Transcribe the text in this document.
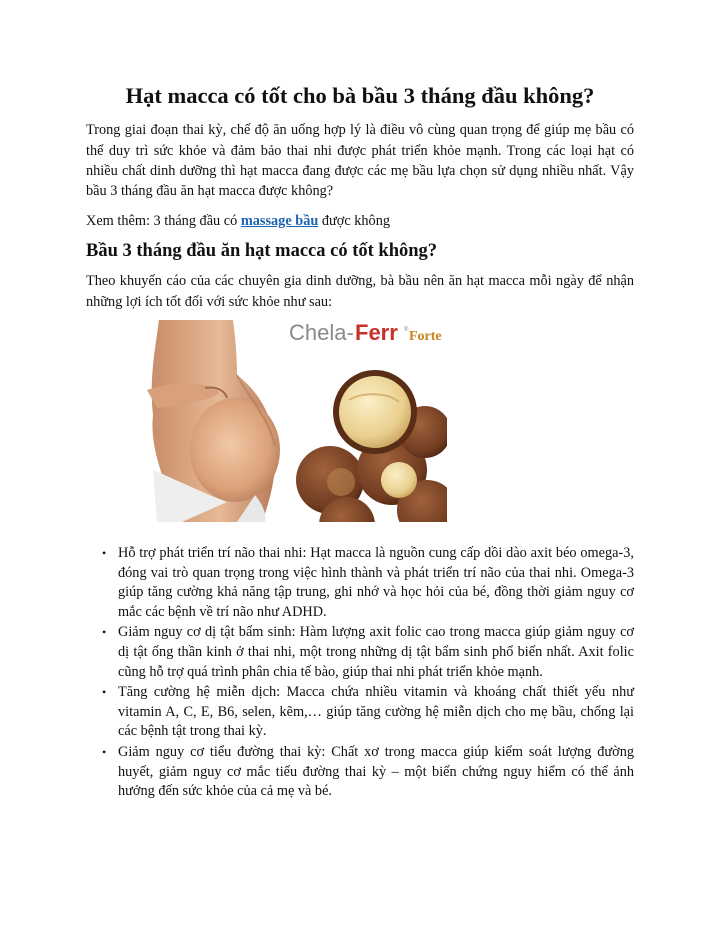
Hạt macca có tốt cho bà bầu 3 tháng đầu không?

Trong giai đoạn thai kỳ, chế độ ăn uống hợp lý là điều vô cùng quan trọng để giúp mẹ bầu có thể duy trì sức khỏe và đảm bảo thai nhi được phát triển khỏe mạnh. Trong các loại hạt có nhiều chất dinh dưỡng thì hạt macca đang được các mẹ bầu lựa chọn sử dụng nhiều nhất. Vậy bầu 3 tháng đầu ăn hạt macca được không?

Xem thêm: 3 tháng đầu có massage bầu được không

Bầu 3 tháng đầu ăn hạt macca có tốt không?

Theo khuyến cáo của các chuyên gia dinh dưỡng, bà bầu nên ăn hạt macca mỗi ngày để nhận những lợi ích tốt đối với sức khỏe như sau:

Chela- Ferr ® Forte
• Hỗ trợ phát triển trí não thai nhi: Hạt macca là nguồn cung cấp dồi dào axit béo omega-3, đóng vai trò quan trọng trong việc hình thành và phát triển trí não của thai nhi. Omega-3 giúp tăng cường khả năng tập trung, ghi nhớ và học hỏi của bé, đồng thời giảm nguy cơ mắc các bệnh về trí não như ADHD.
• Giảm nguy cơ dị tật bẩm sinh: Hàm lượng axit folic cao trong macca giúp giảm nguy cơ dị tật ống thần kinh ở thai nhi, một trong những dị tật bẩm sinh phổ biến nhất. Axit folic cũng hỗ trợ quá trình phân chia tế bào, giúp thai nhi phát triển khỏe mạnh.
• Tăng cường hệ miễn dịch: Macca chứa nhiều vitamin và khoáng chất thiết yếu như vitamin A, C, E, B6, selen, kẽm,… giúp tăng cường hệ miễn dịch cho mẹ bầu, chống lại các bệnh tật trong thai kỳ.
• Giảm nguy cơ tiểu đường thai kỳ: Chất xơ trong macca giúp kiểm soát lượng đường huyết, giảm nguy cơ mắc tiểu đường thai kỳ – một biến chứng nguy hiểm có thể ảnh hưởng đến sức khỏe của cả mẹ và bé.
